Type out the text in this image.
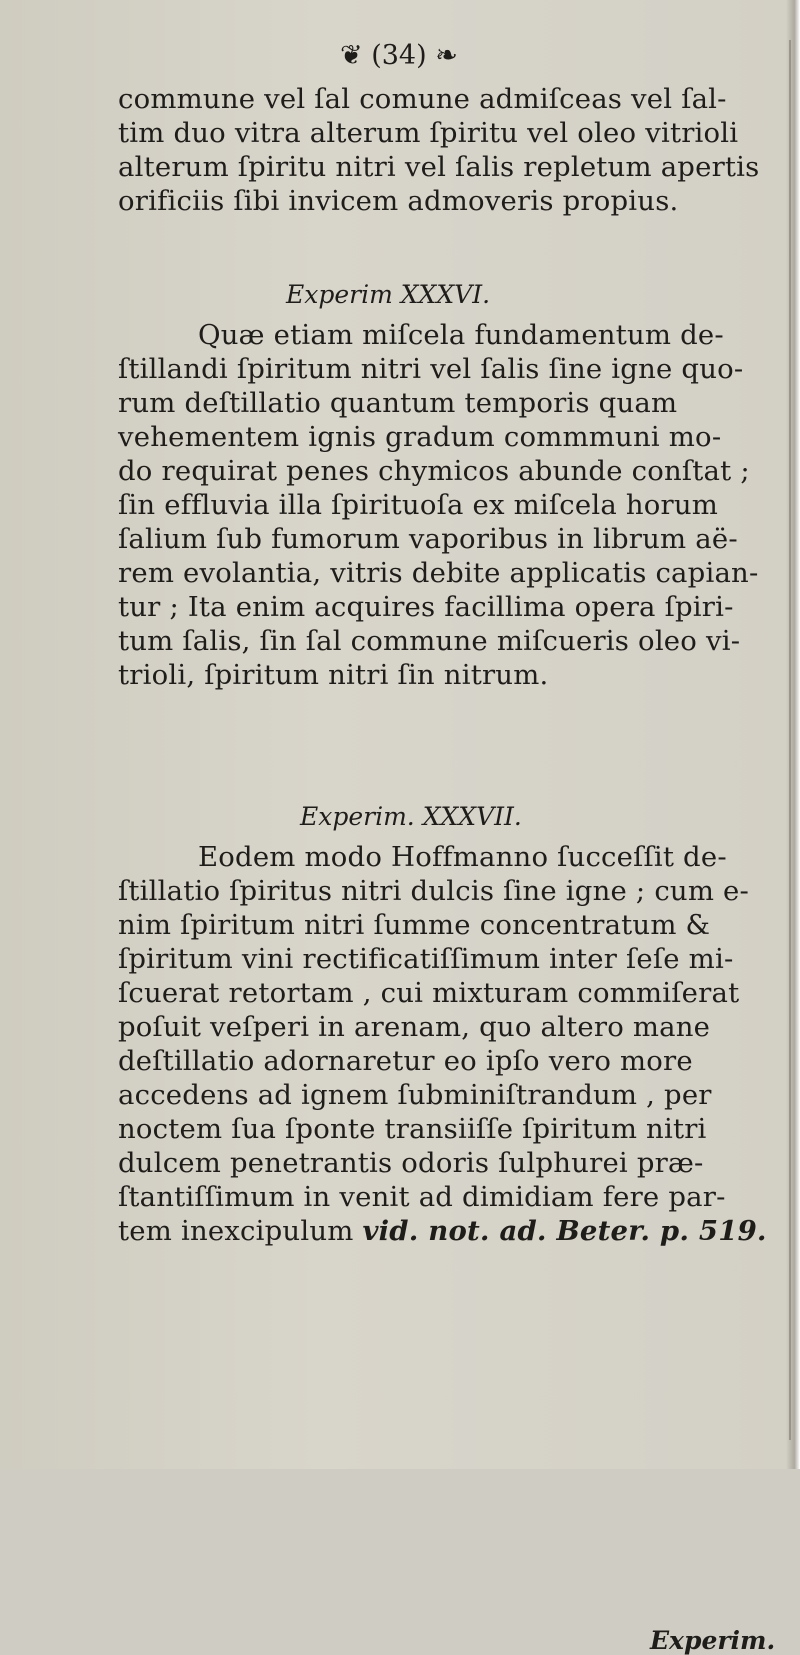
❦ (34) ❧
commune vel ſal comune admiſceas vel ſal-
tim duo vitra alterum ſpiritu vel oleo vitrioli
alterum ſpiritu nitri vel ſalis repletum apertis
orificiis ſibi invicem admoveris propius.
Experim XXXVI.
Quæ etiam miſcela fundamentum de-
ſtillandi ſpiritum nitri vel ſalis ſine igne quo-
rum deſtillatio quantum temporis quam
vehementem ignis gradum commmuni mo-
do requirat penes chymicos abunde conſtat ;
ſin effluvia illa ſpirituoſa ex miſcela horum
ſalium ſub fumorum vaporibus in librum aë-
rem evolantia, vitris debite applicatis capian-
tur ; Ita enim acquires facillima opera ſpiri-
tum ſalis, ſin ſal commune miſcueris oleo vi-
trioli, ſpiritum nitri ſin nitrum.
Experim. XXXVII.
Eodem modo Hoffmanno ſucceſſit de-
ſtillatio ſpiritus nitri dulcis ſine igne ; cum e-
nim ſpiritum nitri ſumme concentratum &
ſpiritum vini rectificatiſſimum inter ſeſe mi-
ſcuerat retortam , cui mixturam commiſerat
poſuit veſperi in arenam, quo altero mane
deſtillatio adornaretur eo ipſo vero more
accedens ad ignem ſubminiſtrandum , per
noctem ſua ſponte transiiſſe ſpiritum nitri
dulcem penetrantis odoris ſulphurei præ-
ſtantiſſimum in venit ad dimidiam fere par-
tem inexcipulum vid. not. ad. Beter. p. 519.
Experim.
